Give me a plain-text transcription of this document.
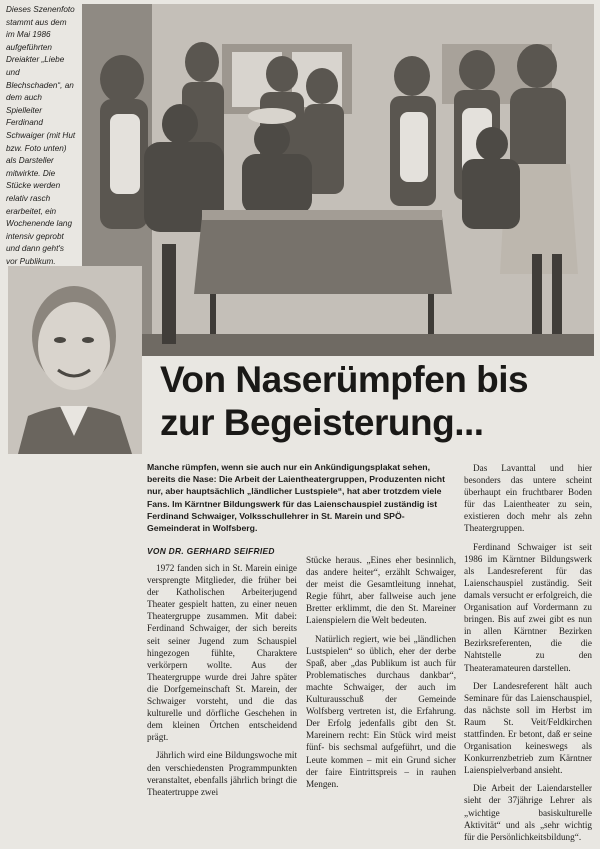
Dieses Szenenfoto stammt aus dem im Mai 1986 aufgeführten Dreiakter „Liebe und Blechschaden“, an dem auch Spielleiter Ferdinand Schwaiger (mit Hut bzw. Foto unten) als Darsteller mitwirkte. Die Stücke werden relativ rasch erarbeitet, ein Wochenende lang intensiv geprobt und dann geht's vor Publikum.
Von Naserümpfen bis
zur Begeisterung...
Manche rümpfen, wenn sie auch nur ein Ankündigungsplakat sehen, bereits die Nase: Die Arbeit der Laientheatergruppen, Produzenten nicht nur, aber hauptsächlich „ländlicher Lustspiele“, hat aber trotzdem viele Fans. Im Kärntner Bildungswerk für das Laienschauspiel zuständig ist Ferdinand Schwaiger, Volksschullehrer in St. Marein und SPÖ-Gemeinderat in Wolfsberg.
VON DR. GERHARD SEIFRIED

1972 fanden sich in St. Marein einige versprengte Mitglieder, die früher bei der Katholischen Arbeiterjugend Theater gespielt hatten, zu einer neuen Theatergruppe zusammen. Mit dabei: Ferdinand Schwaiger, der sich bereits seit seiner Jugend zum Schauspiel hingezogen fühlte, Charaktere verkörpern wollte. Aus der Theatergruppe wurde drei Jahre später die Dorfgemeinschaft St. Marein, der Schwaiger vorsteht, und die das kulturelle und dörfliche Geschehen in dem kleinen Örtchen entscheidend prägt.

Jährlich wird eine Bildungswoche mit den verschiedensten Programmpunkten veranstaltet, ebenfalls jährlich bringt die Theatertruppe zwei

Stücke heraus. „Eines eher besinnlich, das andere heiter“, erzählt Schwaiger, der meist die Gesamtleitung innehat, Regie führt, aber fallweise auch jene Bretter erklimmt, die den St. Mareiner Laienspielern die Welt bedeuten.

Natürlich regiert, wie bei „ländlichen Lustspielen“ so üblich, eher der derbe Spaß, aber „das Publikum ist auch für Problematisches durchaus dankbar“, machte Schwaiger, der auch im Kulturausschuß der Gemeinde Wolfsberg vertreten ist, die Erfahrung. Der Erfolg jedenfalls gibt den St. Mareinern recht: Ein Stück wird meist fünf- bis sechsmal aufgeführt, und die Leute kommen – mit ein Grund sicher der faire Eintrittspreis – in rauhen Mengen.

Das Lavanttal und hier besonders das untere scheint überhaupt ein fruchtbarer Boden für das Laientheater zu sein, existieren doch mehr als zehn Theatergruppen.

Ferdinand Schwaiger ist seit 1986 im Kärntner Bildungswerk als Landesreferent für das Laienschauspiel zuständig. Seit damals versucht er erfolgreich, die Organisation auf Vordermann zu bringen. Bis auf zwei gibt es nun in allen Kärntner Bezirken Bezirksreferenten, die die Nahtstelle zu den Theateramateuren darstellen.

Der Landesreferent hält auch Seminare für das Laienschauspiel, das nächste soll im Herbst im Raum St. Veit/Feldkirchen stattfinden. Er betont, daß er seine Organisation keineswegs als Konkurrenzbetrieb zum Kärntner Laienspielverband ansieht.

Die Arbeit der Laiendarsteller sieht der 37jährige Lehrer als „wichtige basiskulturelle Aktivität“ und als „sehr wichtig für die Persönlichkeitsbildung“.
